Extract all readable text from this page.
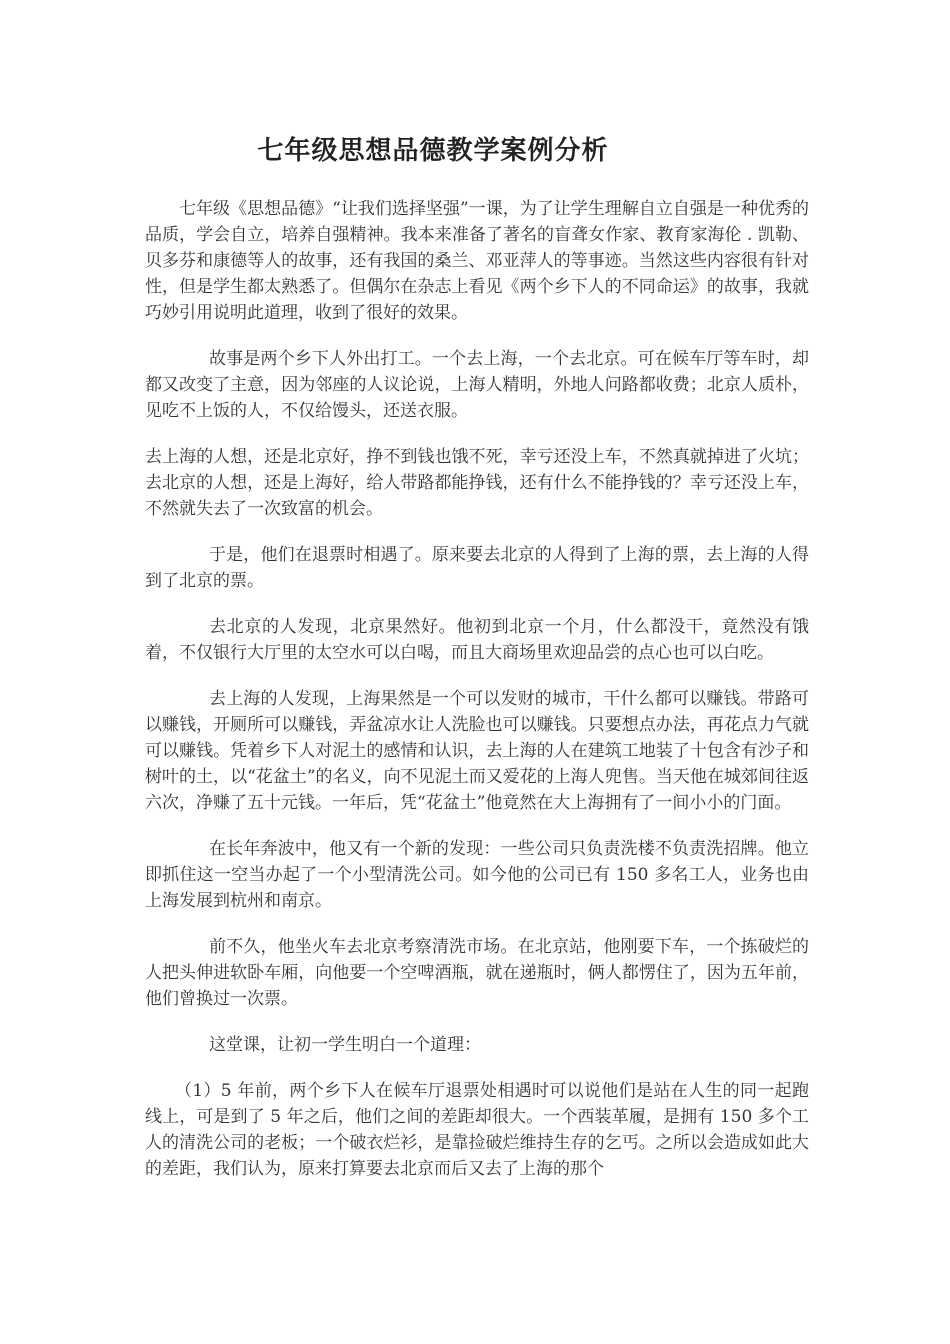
七年级思想品德教学案例分析

七年级《思想品德》“让我们选择坚强”一课，为了让学生理解自立自强是一种优秀的品质，学会自立，培养自强精神。我本来准备了著名的盲聋女作家、教育家海伦 . 凯勒、贝多芬和康德等人的故事，还有我国的桑兰、邓亚萍人的等事迹。当然这些内容很有针对性，但是学生都太熟悉了。但偶尔在杂志上看见《两个乡下人的不同命运》的故事，我就巧妙引用说明此道理，收到了很好的效果。

故事是两个乡下人外出打工。一个去上海，一个去北京。可在候车厅等车时，却都又改变了主意，因为邻座的人议论说，上海人精明，外地人问路都收费；北京人质朴，见吃不上饭的人，不仅给馒头，还送衣服。

去上海的人想，还是北京好，挣不到钱也饿不死，幸亏还没上车，不然真就掉进了火坑；去北京的人想，还是上海好，给人带路都能挣钱，还有什么不能挣钱的？幸亏还没上车，不然就失去了一次致富的机会。

于是，他们在退票时相遇了。原来要去北京的人得到了上海的票，去上海的人得到了北京的票。

去北京的人发现，北京果然好。他初到北京一个月，什么都没干，竟然没有饿着，不仅银行大厅里的太空水可以白喝，而且大商场里欢迎品尝的点心也可以白吃。

去上海的人发现，上海果然是一个可以发财的城市，干什么都可以赚钱。带路可以赚钱，开厕所可以赚钱，弄盆凉水让人洗脸也可以赚钱。只要想点办法，再花点力气就可以赚钱。凭着乡下人对泥土的感情和认识，去上海的人在建筑工地装了十包含有沙子和树叶的土，以“花盆土”的名义，向不见泥土而又爱花的上海人兜售。当天他在城郊间往返六次，净赚了五十元钱。一年后，凭“花盆土”他竟然在大上海拥有了一间小小的门面。

在长年奔波中，他又有一个新的发现：一些公司只负责洗楼不负责洗招牌。他立即抓住这一空当办起了一个小型清洗公司。如今他的公司已有 150 多名工人，业务也由上海发展到杭州和南京。

前不久，他坐火车去北京考察清洗市场。在北京站，他刚要下车，一个拣破烂的人把头伸进软卧车厢，向他要一个空啤酒瓶，就在递瓶时，俩人都愣住了，因为五年前，他们曾换过一次票。

这堂课，让初一学生明白一个道理：

（1）5 年前，两个乡下人在候车厅退票处相遇时可以说他们是站在人生的同一起跑线上，可是到了 5 年之后，他们之间的差距却很大。一个西装革履，是拥有 150 多个工人的清洗公司的老板；一个破衣烂衫，是靠捡破烂维持生存的乞丐。之所以会造成如此大的差距，我们认为，原来打算要去北京而后又去了上海的那个
